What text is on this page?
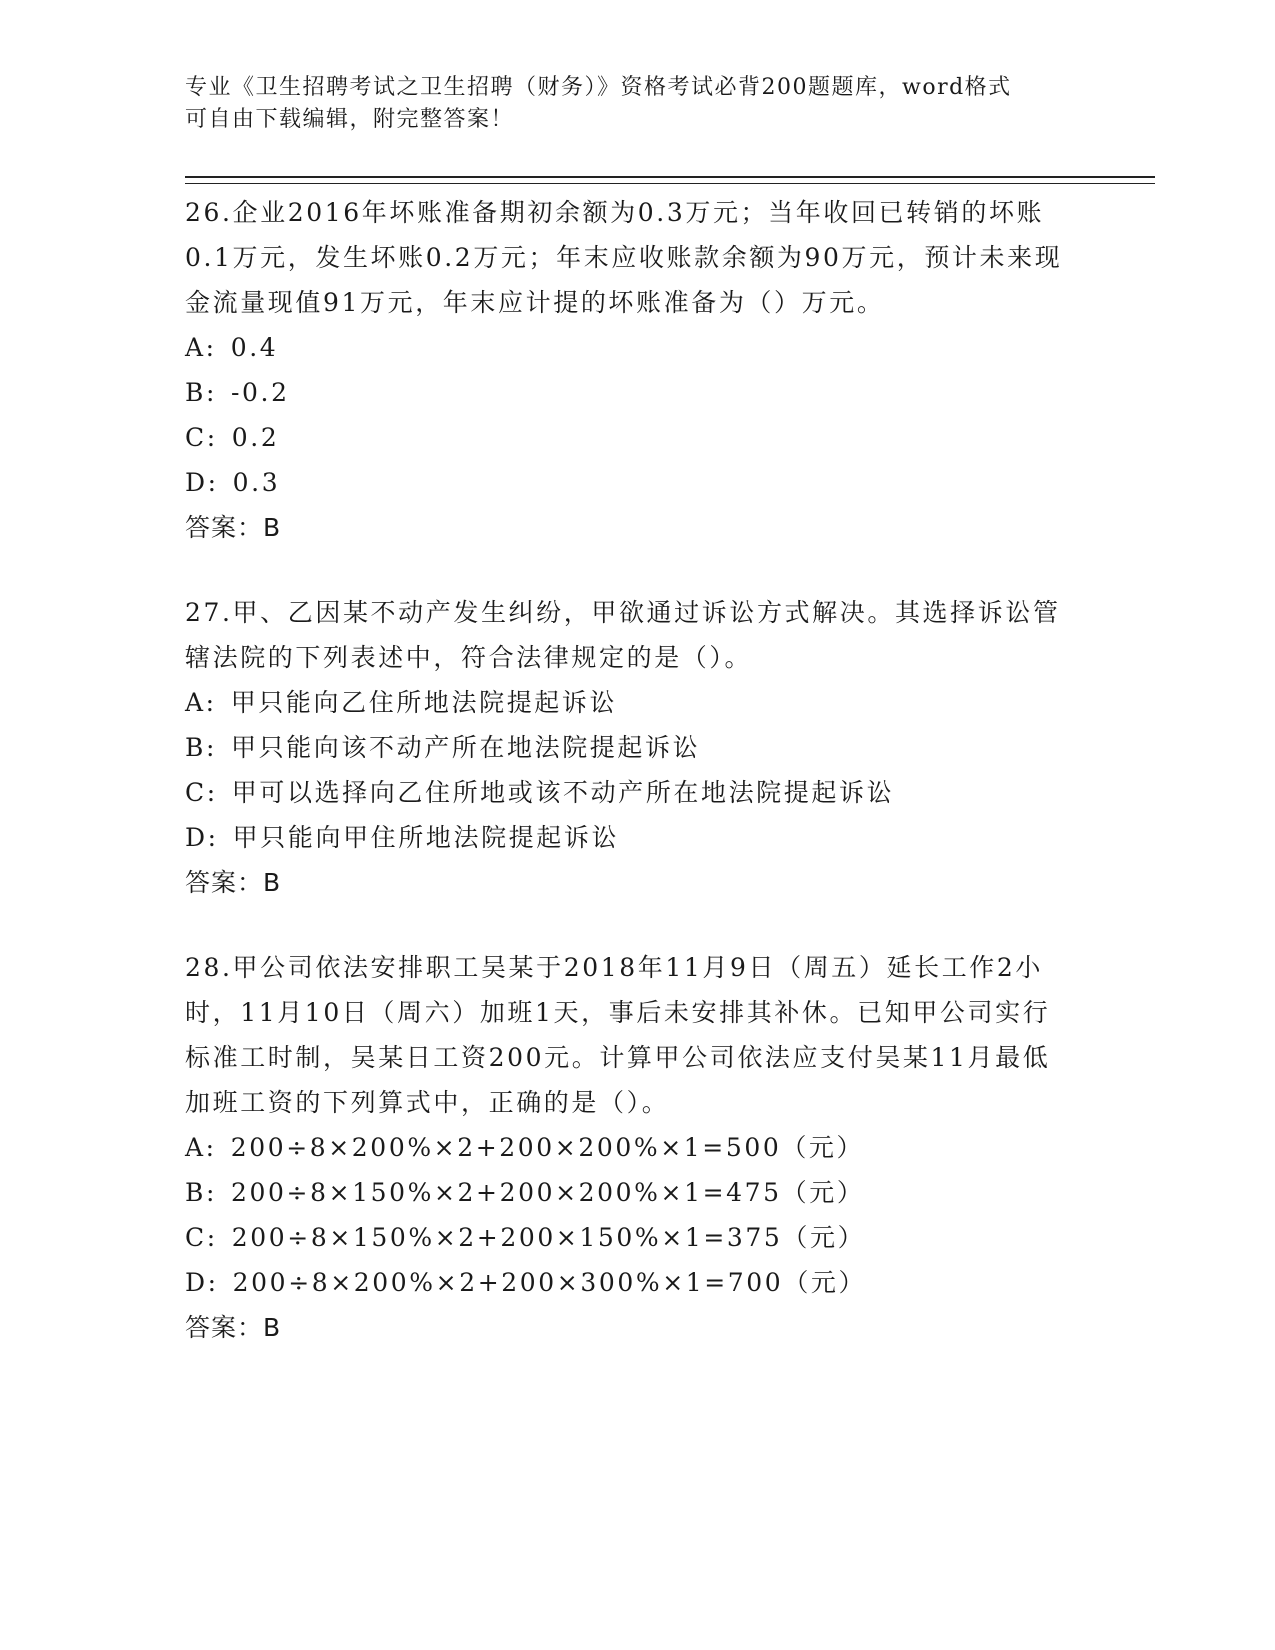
专业《卫生招聘考试之卫生招聘（财务）》资格考试必背200题题库，word格式
可自由下载编辑，附完整答案！

26.企业2016年坏账准备期初余额为0.3万元；当年收回已转销的坏账0.1万元，发生坏账0.2万元；年末应收账款余额为90万元，预计未来现金流量现值91万元，年末应计提的坏账准备为（）万元。

A: 0.4
B: -0.2
C: 0.2
D: 0.3
答案：B

27.甲、乙因某不动产发生纠纷，甲欲通过诉讼方式解决。其选择诉讼管辖法院的下列表述中，符合法律规定的是（）。

A: 甲只能向乙住所地法院提起诉讼
B: 甲只能向该不动产所在地法院提起诉讼
C: 甲可以选择向乙住所地或该不动产所在地法院提起诉讼
D: 甲只能向甲住所地法院提起诉讼
答案：B

28.甲公司依法安排职工吴某于2018年11月9日（周五）延长工作2小时，11月10日（周六）加班1天，事后未安排其补休。已知甲公司实行标准工时制，吴某日工资200元。计算甲公司依法应支付吴某11月最低加班工资的下列算式中，正确的是（）。

A: 200÷8×200%×2+200×200%×1=500（元）
B: 200÷8×150%×2+200×200%×1=475（元）
C: 200÷8×150%×2+200×150%×1=375（元）
D: 200÷8×200%×2+200×300%×1=700（元）
答案：B
